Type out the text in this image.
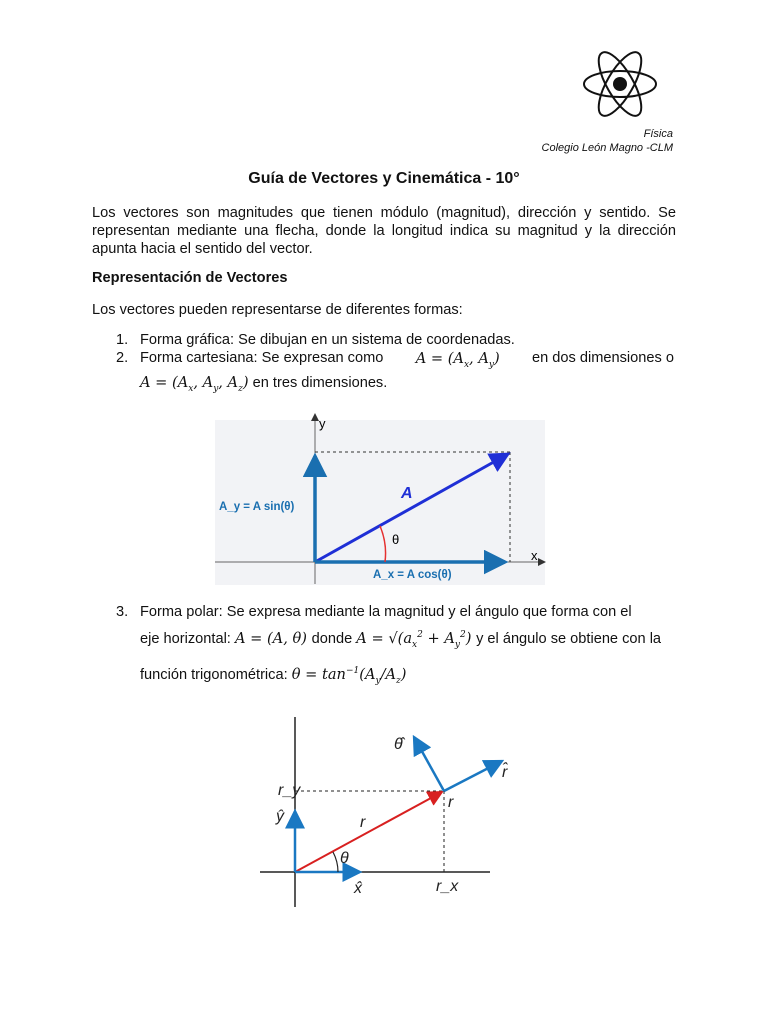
Física
Colegio León Magno -CLM
Guía de Vectores y Cinemática - 10°
Los vectores son magnitudes que tienen módulo (magnitud), dirección y sentido. Se representan mediante una flecha, donde la longitud indica su magnitud y la dirección apunta hacia el sentido del vector.
Representación de Vectores
Los vectores pueden representarse de diferentes formas:
1. Forma gráfica: Se dibujan en un sistema de coordenadas.
2. Forma cartesiana: Se expresan como $A = (A_x$, $A_y$) en dos dimensiones o
$A = (A_x$, $A_y$, $A_z$) en tres dimensiones.
y
x
θ
A
A_y = A sin(θ)
A_x = A cos(θ)
3. Forma polar: Se expresa mediante la magnitud y el ángulo que forma con el
eje horizontal: A = (A, θ) donde $A = √(a_x^2 + A_y^2)$ y el ángulo se obtiene con la
función trigonométrica: $\theta = \tan^{-1}(A_y/A_z)$
θ
r
r_y
ŷ
x̂	r_x
r
r̂
θ̂
